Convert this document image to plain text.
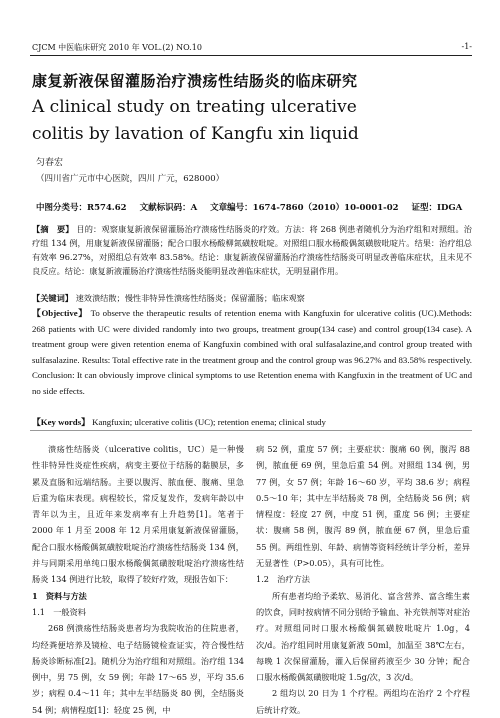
CJCM 中医临床研究 2010 年 VOL.(2) NO.10	-1-
康复新液保留灌肠治疗溃疡性结肠炎的临床研究
A clinical study on treating ulcerative
colitis by lavation of Kangfu xin liquid
匀春宏
（四川省广元市中心医院，四川 广元，628000）
中图分类号：R574.62 文献标识码：A 文章编号：1674-7860（2010）10-0001-02 证型：IDGA
【摘　要】 目的：观察康复新液保留灌肠治疗溃疡性结肠炎的疗效。方法：将 268 例患者随机分为治疗组和对照组。治疗组 134 例，用康复新液保留灌肠；配合口服水杨酸柳氮磺胺吡啶。对照组口服水杨酸偶氮磺胺吡啶片。结果：治疗组总有效率 96.27%，对照组总有效率 83.58%。结论：康复新液保留灌肠治疗溃疡性结肠炎可明显改善临床症状，且未见不良反应。结论：康复新液灌肠治疗溃疡性结肠炎能明显改善临床症状，无明显副作用。
【关键词】 速效溃结散；慢性非特异性溃疡性结肠炎；保留灌肠；临床观察
【Objective】 To observe the therapeutic results of retention enema with Kangfuxin for ulcerative colitis (UC).Methods: 268 patients with UC were divided randomly into two groups, treatment group(134 case) and control group(134 case). A treatment group were given retention enema of Kangfuxin combined with oral sulfasalazine,and control group treated with sulfasalazine. Results: Total effective rate in the treatment group and the control group was 96.27% and 83.58% respectively. Conclusion: It can obviously improve clinical symptoms to use Retention enema with Kangfuxin in the treatment of UC and no side effects.
【Key words】 Kangfuxin; ulcerative colitis (UC); retention enema; clinical study

溃疡性结肠炎（ulcerative colitis，UC）是一种慢性非特异性炎症性疾病，病变主要位于结肠的黏膜层，多累及直肠和远端结肠。主要以腹泻、脓血便、腹痛、里急后重为临床表现。病程较长，常反复发作，发病年龄以中青年以为主，且近年来发病率有上升趋势[1]。笔者于 2000 年 1 月至 2008 年 12 月采用康复新液保留灌肠，配合口服水杨酸偶氮磺胺吡啶治疗溃疡性结肠炎 134 例，并与同期采用单纯口服水杨酸偶氮磺胺吡啶治疗溃疡性结肠炎 134 例进行比较，取得了较好疗效，现报告如下：

1　资料与方法

1.1　一般资料

268 例溃疡性结肠炎患者均为我院收治的住院患者，均经粪便培养及镜检、电子结肠镜检查证实，符合慢性结肠炎诊断标准[2]。随机分为治疗组和对照组。治疗组 134 例中，男 75 例，女 59 例；年龄 17～65 岁，平均 35.6 岁；病程 0.4～11 年；其中左半结肠炎 80 例，全结肠炎 54 例；病情程度[1]：轻度 25 例，中

病 52 例，重度 57 例；主要症状：腹痛 60 例，腹泻 88 例，脓血便 69 例，里急后重 54 例。对照组 134 例，男 77 例，女 57 例；年龄 16～60 岁，平均 38.6 岁；病程 0.5～10 年；其中左半结肠炎 78 例，全结肠炎 56 例；病情程度：轻度 27 例，中度 51 例，重度 56 例；主要症状：腹痛 58 例，腹泻 89 例，脓血便 67 例，里急后重 55 例。两组性别、年龄、病情等资料经统计学分析，差异无显著性（P>0.05），具有可比性。

1.2　治疗方法

所有患者均给予柔软、易消化、富含营养、富含维生素的饮食，同时按病情不同分别给予输血、补充铁剂等对症治疗。对照组同时口服水杨酸偶氮磺胺吡啶片 1.0g，4 次/d。治疗组同时用康复新液 50ml，加温至 38℃左右，每晚 1 次保留灌肠，灌入后保留药液至少 30 分钟；配合口服水杨酸偶氮磺胺吡啶 1.5g/次，3 次/d。

2 组均以 20 日为 1 个疗程。两组均在治疗 2 个疗程后统计疗效。
